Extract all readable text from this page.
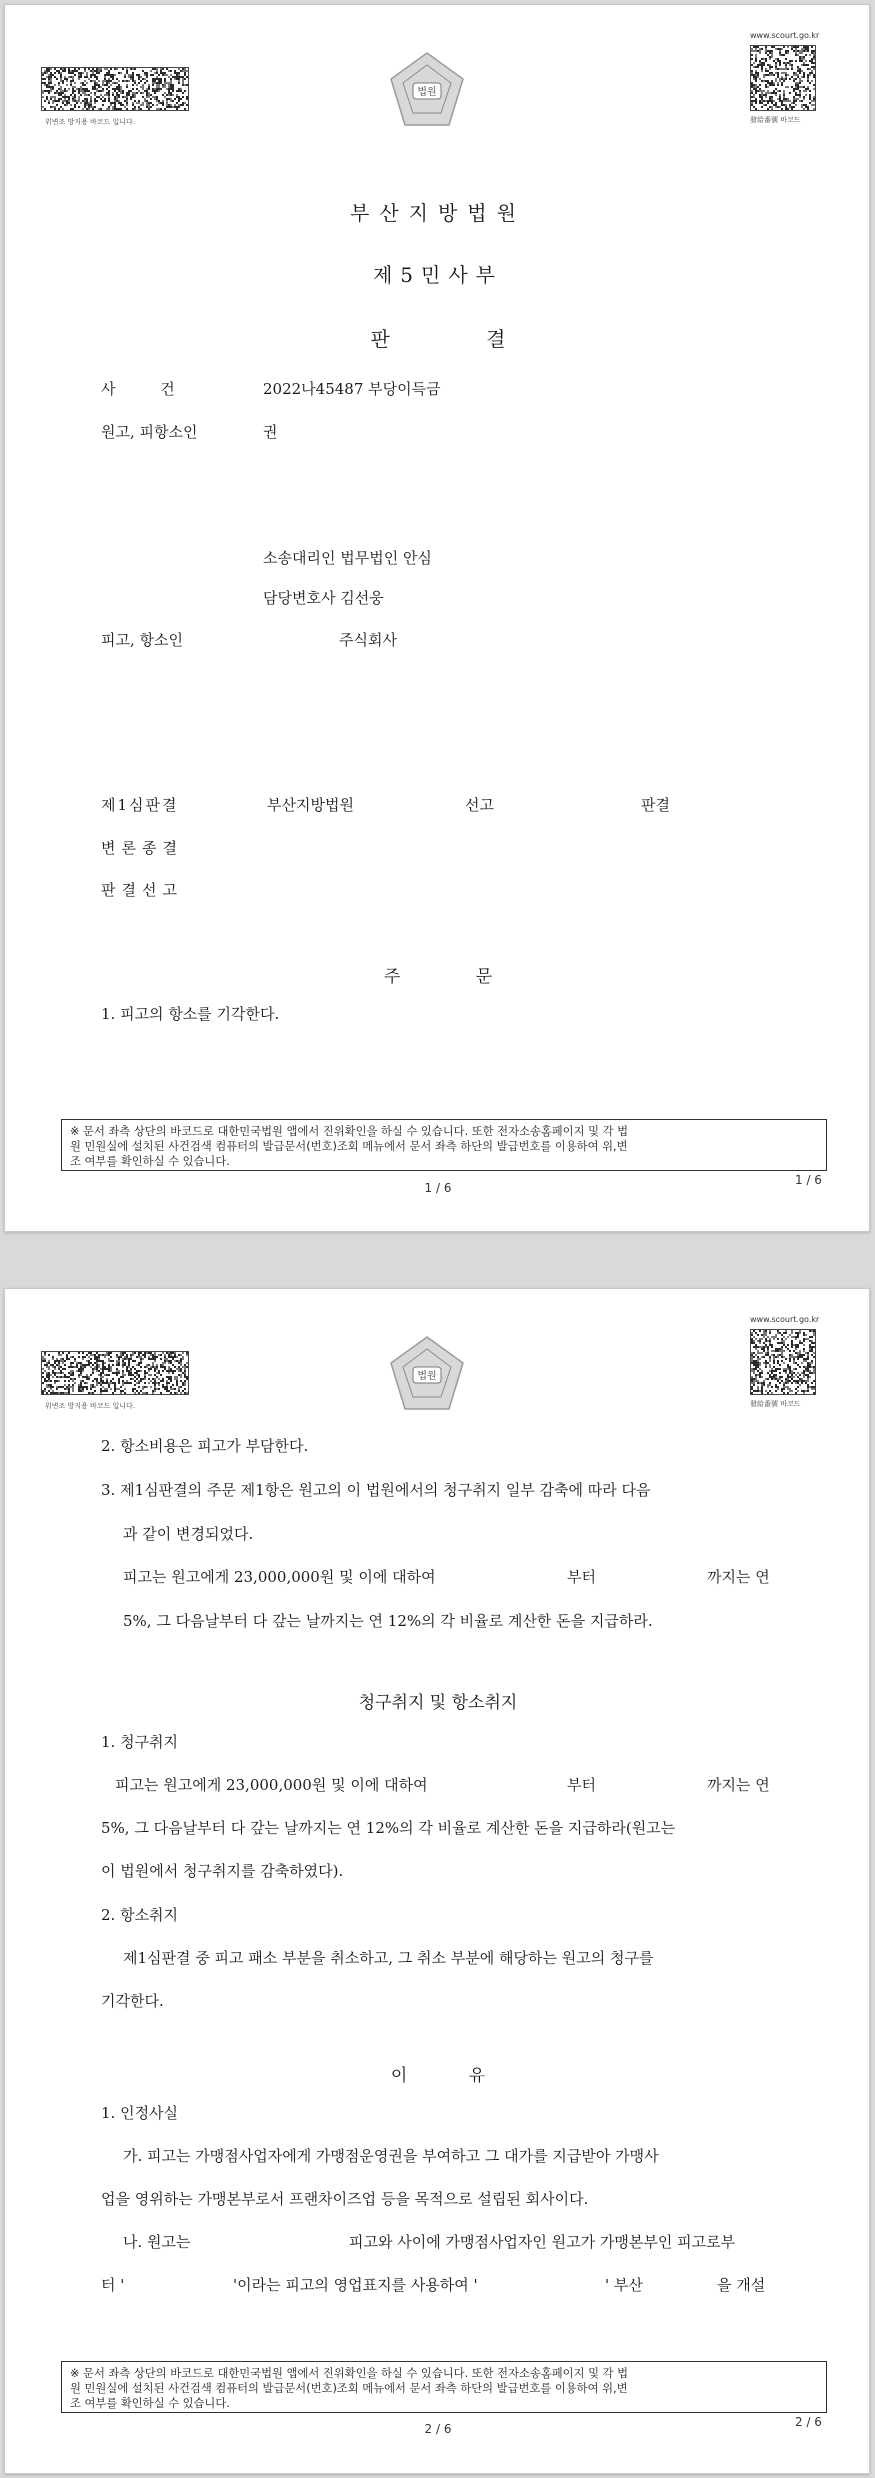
위변조 방지용 바코드 입니다.
법원
www.scourt.go.kr
發給番號 바코드
부산지방법원
제5민사부
판 결
사 건	2022나45487 부당이득금
원고, 피항소인	권
소송대리인 법무법인 안심
담당변호사 김선웅
피고, 항소인	주식회사
제1심판결	부산지방법원	선고	판결
변론종결
판결선고
주 문
1. 피고의 항소를 기각한다.
※ 문서 좌측 상단의 바코드로 대한민국법원 앱에서 진위확인을 하실 수 있습니다. 또한 전자소송홈페이지 및 각 법
원 민원실에 설치된 사건검색 컴퓨터의 발급문서(번호)조회 메뉴에서 문서 좌측 하단의 발급번호를 이용하여 위,변
조 여부를 확인하실 수 있습니다.
1 / 6
1 / 6
위변조 방지용 바코드 입니다.
법원
www.scourt.go.kr
發給番號 바코드
2. 항소비용은 피고가 부담한다.
3. 제1심판결의 주문 제1항은 원고의 이 법원에서의 청구취지 일부 감축에 따라 다음
과 같이 변경되었다.
피고는 원고에게 23,000,000원 및 이에 대하여	부터	까지는 연
5%, 그 다음날부터 다 갚는 날까지는 연 12%의 각 비율로 계산한 돈을 지급하라.
청구취지 및 항소취지
1. 청구취지
피고는 원고에게 23,000,000원 및 이에 대하여	부터	까지는 연
5%, 그 다음날부터 다 갚는 날까지는 연 12%의 각 비율로 계산한 돈을 지급하라(원고는
이 법원에서 청구취지를 감축하였다).
2. 항소취지
제1심판결 중 피고 패소 부분을 취소하고, 그 취소 부분에 해당하는 원고의 청구를
기각한다.
이 유
1. 인정사실
가. 피고는 가맹점사업자에게 가맹점운영권을 부여하고 그 대가를 지급받아 가맹사
업을 영위하는 가맹본부로서 프랜차이즈업 등을 목적으로 설립된 회사이다.
나. 원고는	피고와 사이에 가맹점사업자인 원고가 가맹본부인 피고로부
터 '	'이라는 피고의 영업표지를 사용하여 '	' 부산	을 개설
※ 문서 좌측 상단의 바코드로 대한민국법원 앱에서 진위확인을 하실 수 있습니다. 또한 전자소송홈페이지 및 각 법
원 민원실에 설치된 사건검색 컴퓨터의 발급문서(번호)조회 메뉴에서 문서 좌측 하단의 발급번호를 이용하여 위,변
조 여부를 확인하실 수 있습니다.
2 / 6	2 / 6
